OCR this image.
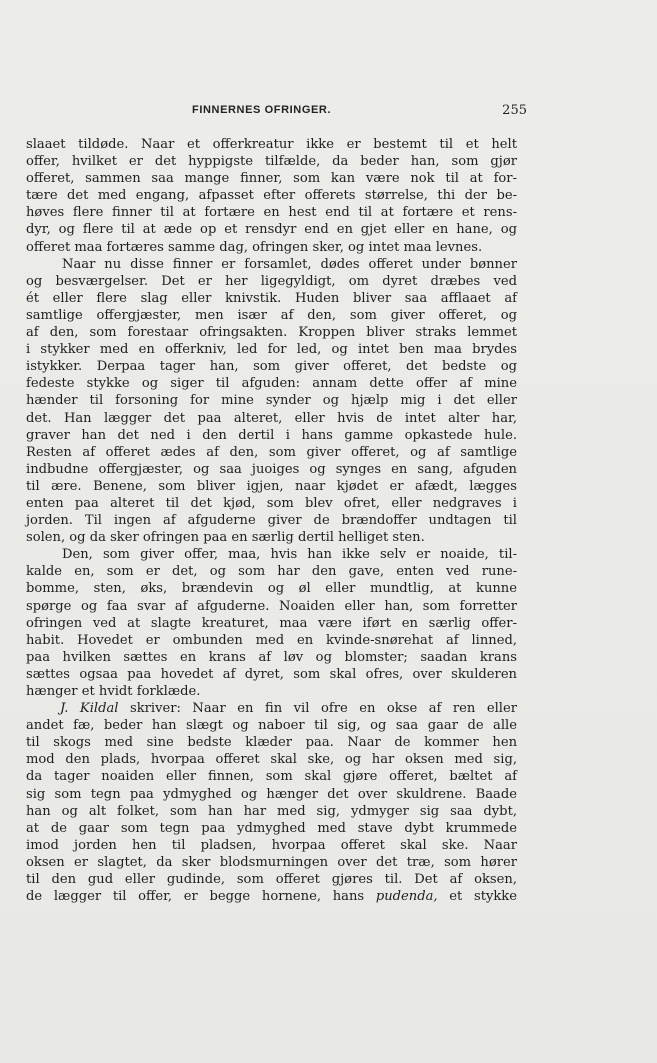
FINNERNES OFRINGER.	255
slaaet tildøde. Naar et offerkreatur ikke er bestemt til et helt
offer, hvilket er det hyppigste tilfælde, da beder han, som gjør
offeret, sammen saa mange finner, som kan være nok til at for-
tære det med engang, afpasset efter offerets størrelse, thi der be-
høves flere finner til at fortære en hest end til at fortære et rens-
dyr, og flere til at æde op et rensdyr end en gjet eller en hane, og
offeret maa fortæres samme dag, ofringen sker, og intet maa levnes.
Naar nu disse finner er forsamlet, dødes offeret under bønner
og besværgelser. Det er her ligegyldigt, om dyret dræbes ved
ét eller flere slag eller knivstik. Huden bliver saa afflaaet af
samtlige offergjæster, men især af den, som giver offeret, og
af den, som forestaar ofringsakten. Kroppen bliver straks lemmet
i stykker med en offerkniv, led for led, og intet ben maa brydes
istykker. Derpaa tager han, som giver offeret, det bedste og
fedeste stykke og siger til afguden: annam dette offer af mine
hænder til forsoning for mine synder og hjælp mig i det eller
det. Han lægger det paa alteret, eller hvis de intet alter har,
graver han det ned i den dertil i hans gamme opkastede hule.
Resten af offeret ædes af den, som giver offeret, og af samtlige
indbudne offergjæster, og saa juoiges og synges en sang, afguden
til ære. Benene, som bliver igjen, naar kjødet er afædt, lægges
enten paa alteret til det kjød, som blev ofret, eller nedgraves i
jorden. Til ingen af afguderne giver de brændoffer undtagen til
solen, og da sker ofringen paa en særlig dertil helliget sten.
Den, som giver offer, maa, hvis han ikke selv er noaide, til-
kalde en, som er det, og som har den gave, enten ved rune-
bomme, sten, øks, brændevin og øl eller mundtlig, at kunne
spørge og faa svar af afguderne. Noaiden eller han, som forretter
ofringen ved at slagte kreaturet, maa være iført en særlig offer-
habit. Hovedet er ombunden med en kvinde-snørehat af linned,
paa hvilken sættes en krans af løv og blomster; saadan krans
sættes ogsaa paa hovedet af dyret, som skal ofres, over skulderen
hænger et hvidt forklæde.
J. Kildal skriver: Naar en fin vil ofre en okse af ren eller
andet fæ, beder han slægt og naboer til sig, og saa gaar de alle
til skogs med sine bedste klæder paa. Naar de kommer hen
mod den plads, hvorpaa offeret skal ske, og har oksen med sig,
da tager noaiden eller finnen, som skal gjøre offeret, bæltet af
sig som tegn paa ydmyghed og hænger det over skuldrene. Baade
han og alt folket, som han har med sig, ydmyger sig saa dybt,
at de gaar som tegn paa ydmyghed med stave dybt krummede
imod jorden hen til pladsen, hvorpaa offeret skal ske. Naar
oksen er slagtet, da sker blodsmurningen over det træ, som hører
til den gud eller gudinde, som offeret gjøres til. Det af oksen,
de lægger til offer, er begge hornene, hans pudenda, et stykke
